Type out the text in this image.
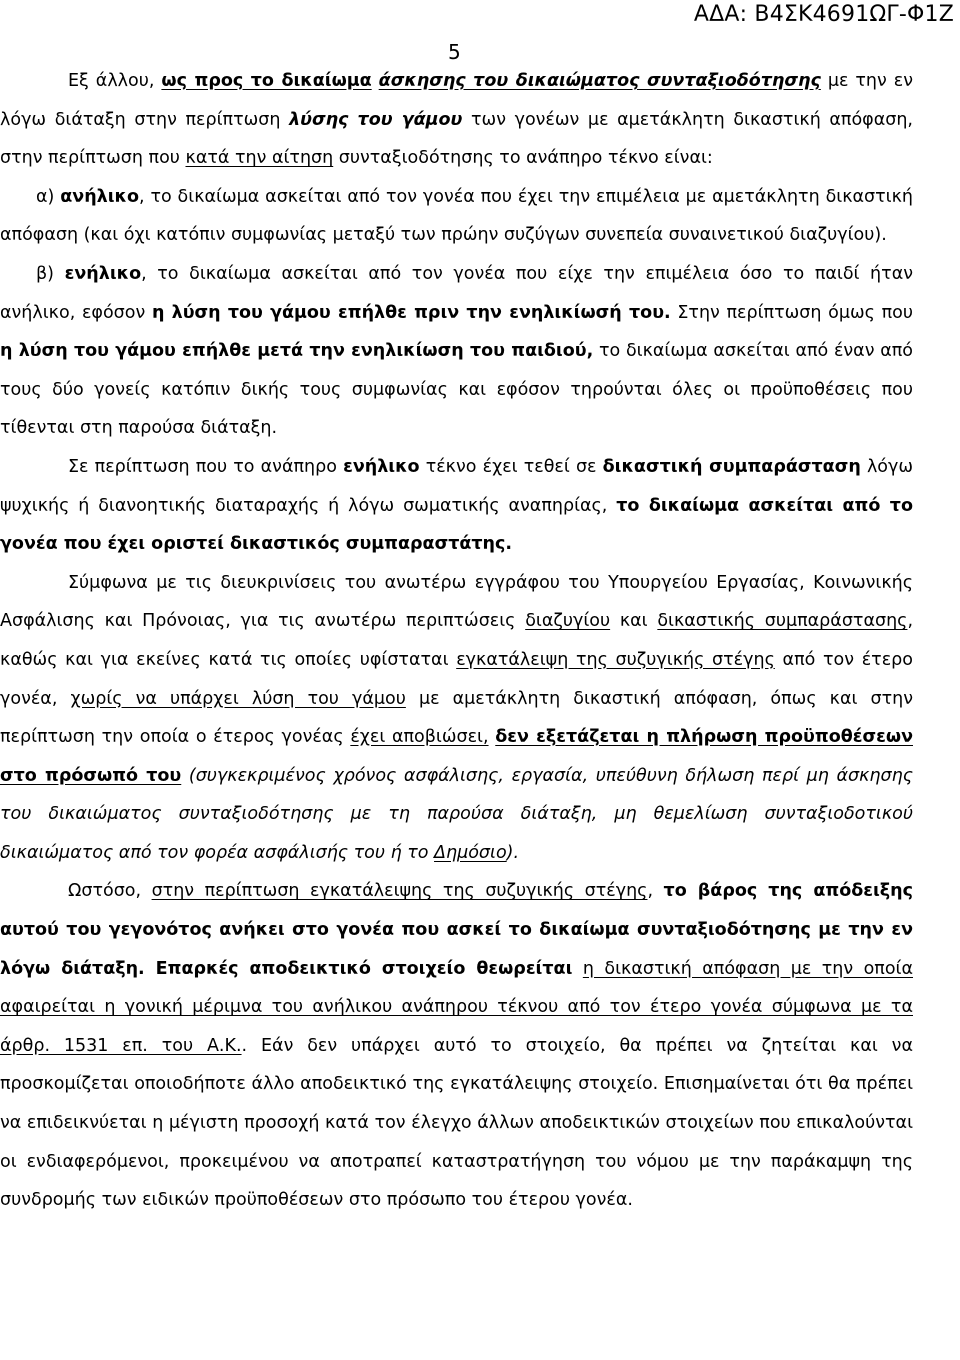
ΑΔΑ: Β4ΣΚ4691ΩΓ-Φ1Ζ
5

Εξ άλλου, ως προς το δικαίωμα άσκησης του δικαιώματος συνταξιοδότησης με την εν λόγω διάταξη στην περίπτωση λύσης του γάμου των γονέων με αμετάκλητη δικαστική απόφαση, στην περίπτωση που κατά την αίτηση συνταξιοδότησης το ανάπηρο τέκνο είναι:

α) ανήλικο, το δικαίωμα ασκείται από τον γονέα που έχει την επιμέλεια με αμετάκλητη δικαστική απόφαση (και όχι κατόπιν συμφωνίας μεταξύ των πρώην συζύγων συνεπεία συναινετικού διαζυγίου).

β) ενήλικο, το δικαίωμα ασκείται από τον γονέα που είχε την επιμέλεια όσο το παιδί ήταν ανήλικο, εφόσον η λύση του γάμου επήλθε πριν την ενηλικίωσή του. Στην περίπτωση όμως που η λύση του γάμου επήλθε μετά την ενηλικίωση του παιδιού, το δικαίωμα ασκείται από έναν από τους δύο γονείς κατόπιν δικής τους συμφωνίας και εφόσον τηρούνται όλες οι προϋποθέσεις που τίθενται στη παρούσα διάταξη.

Σε περίπτωση που το ανάπηρο ενήλικο τέκνο έχει τεθεί σε δικαστική συμπαράσταση λόγω ψυχικής ή διανοητικής διαταραχής ή λόγω σωματικής αναπηρίας, το δικαίωμα ασκείται από το γονέα που έχει οριστεί δικαστικός συμπαραστάτης.

Σύμφωνα με τις διευκρινίσεις του ανωτέρω εγγράφου του Υπουργείου Εργασίας, Κοινωνικής Ασφάλισης και Πρόνοιας, για τις ανωτέρω περιπτώσεις διαζυγίου και δικαστικής συμπαράστασης, καθώς και για εκείνες κατά τις οποίες υφίσταται εγκατάλειψη της συζυγικής στέγης από τον έτερο γονέα, χωρίς να υπάρχει λύση του γάμου με αμετάκλητη δικαστική απόφαση, όπως και στην περίπτωση την οποία ο έτερος γονέας έχει αποβιώσει, δεν εξετάζεται η πλήρωση προϋποθέσεων στο πρόσωπό του (συγκεκριμένος χρόνος ασφάλισης, εργασία, υπεύθυνη δήλωση περί μη άσκησης του δικαιώματος συνταξιοδότησης με τη παρούσα διάταξη, μη θεμελίωση συνταξιοδοτικού δικαιώματος από τον φορέα ασφάλισής του ή το Δημόσιο).

Ωστόσο, στην περίπτωση εγκατάλειψης της συζυγικής στέγης, το βάρος της απόδειξης αυτού του γεγονότος ανήκει στο γονέα που ασκεί το δικαίωμα συνταξιοδότησης με την εν λόγω διάταξη. Επαρκές αποδεικτικό στοιχείο θεωρείται η δικαστική απόφαση με την οποία αφαιρείται η γονική μέριμνα του ανήλικου ανάπηρου τέκνου από τον έτερο γονέα σύμφωνα με τα άρθρ. 1531 επ. του Α.Κ.. Εάν δεν υπάρχει αυτό το στοιχείο, θα πρέπει να ζητείται και να προσκομίζεται οποιοδήποτε άλλο αποδεικτικό της εγκατάλειψης στοιχείο. Επισημαίνεται ότι θα πρέπει να επιδεικνύεται η μέγιστη προσοχή κατά τον έλεγχο άλλων αποδεικτικών στοιχείων που επικαλούνται οι ενδιαφερόμενοι, προκειμένου να αποτραπεί καταστρατήγηση του νόμου με την παράκαμψη της συνδρομής των ειδικών προϋποθέσεων στο πρόσωπο του έτερου γονέα.
